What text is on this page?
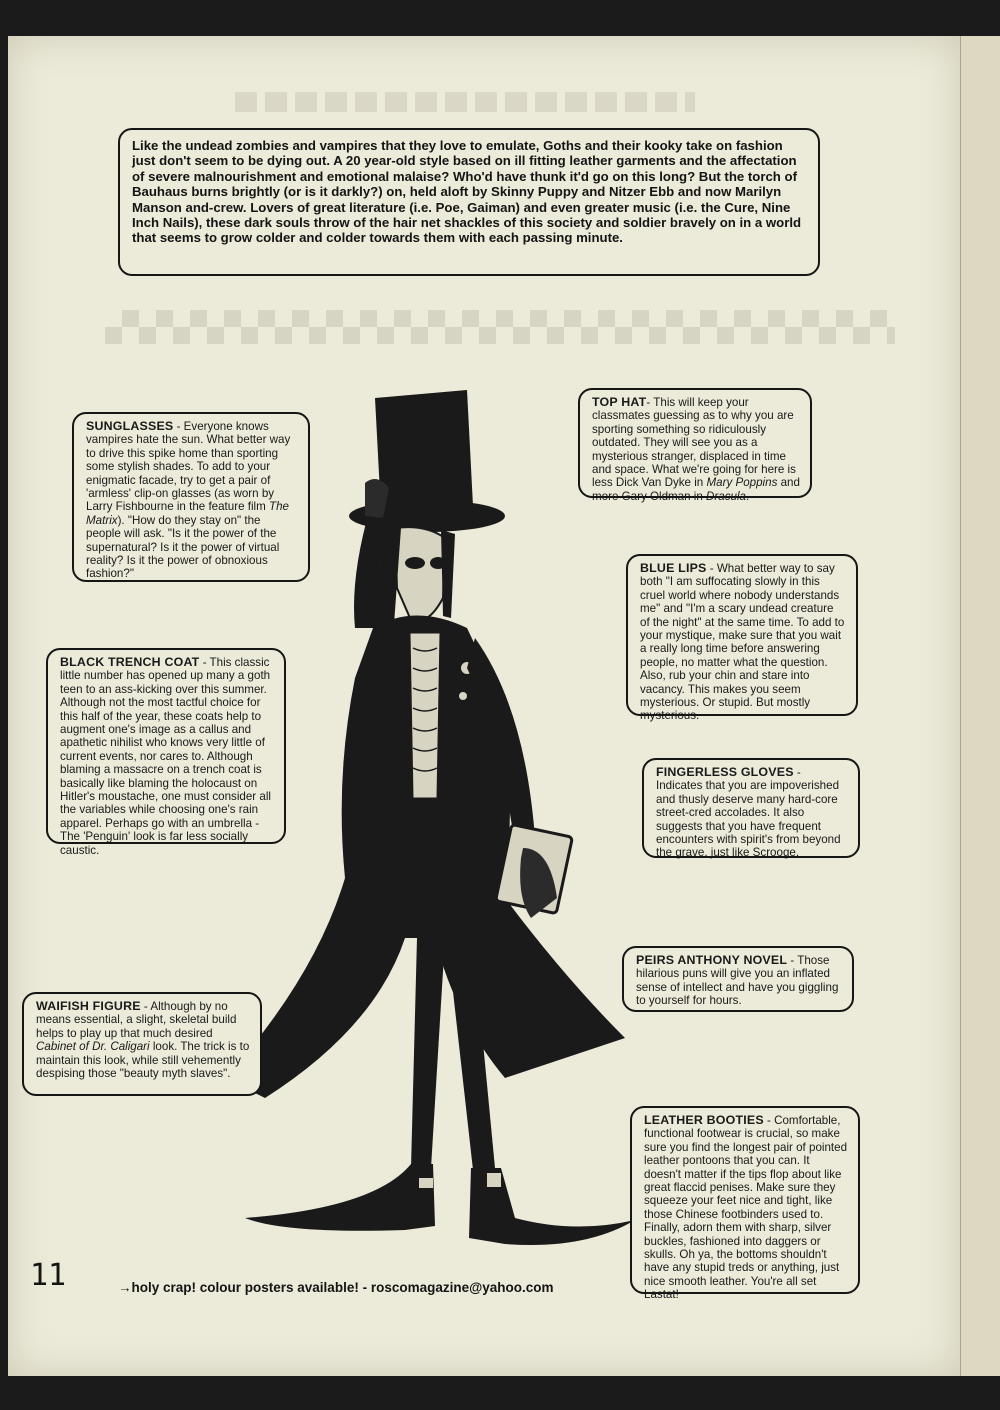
Like the undead zombies and vampires that they love to emulate, Goths and their kooky take on fashion just don't seem to be dying out. A 20 year-old style based on ill fitting leather garments and the affectation of severe malnourishment and emotional malaise? Who'd have thunk it'd go on this long? But the torch of Bauhaus burns brightly (or is it darkly?) on, held aloft by Skinny Puppy and Nitzer Ebb and now Marilyn Manson and-crew. Lovers of great literature (i.e. Poe, Gaiman) and even greater music (i.e. the Cure, Nine Inch Nails), these dark souls throw of the hair net shackles of this society and soldier bravely on in a world that seems to grow colder and colder towards them with each passing minute.
SUNGLASSES - Everyone knows vampires hate the sun. What better way to drive this spike home than sporting some stylish shades. To add to your enigmatic facade, try to get a pair of 'armless' clip-on glasses (as worn by Larry Fishbourne in the feature film The Matrix). "How do they stay on" the people will ask. "Is it the power of the supernatural? Is it the power of virtual reality? Is it the power of obnoxious fashion?"
TOP HAT- This will keep your classmates guessing as to why you are sporting something so ridiculously outdated. They will see you as a mysterious stranger, displaced in time and space. What we're going for here is less Dick Van Dyke in Mary Poppins and more Gary Oldman in Dracula.
BLUE LIPS - What better way to say both "I am suffocating slowly in this cruel world where nobody understands me" and "I'm a scary undead creature of the night" at the same time. To add to your mystique, make sure that you wait a really long time before answering people, no matter what the question. Also, rub your chin and stare into vacancy. This makes you seem mysterious. Or stupid. But mostly mysterious.
BLACK TRENCH COAT - This classic little number has opened up many a goth teen to an ass-kicking over this summer. Although not the most tactful choice for this half of the year, these coats help to augment one's image as a callus and apathetic nihilist who knows very little of current events, nor cares to. Although blaming a massacre on a trench coat is basically like blaming the holocaust on Hitler's moustache, one must consider all the variables while choosing one's rain apparel. Perhaps go with an umbrella - The 'Penguin' look is far less socially caustic.
FINGERLESS GLOVES - Indicates that you are impoverished and thusly deserve many hard-core street-cred accolades. It also suggests that you have frequent encounters with spirit's from beyond the grave, just like Scrooge.
PEIRS ANTHONY NOVEL - Those hilarious puns will give you an inflated sense of intellect and have you giggling to yourself for hours.
WAIFISH FIGURE - Although by no means essential, a slight, skeletal build helps to play up that much desired Cabinet of Dr. Caligari look. The trick is to maintain this look, while still vehemently despising those "beauty myth slaves".
LEATHER BOOTIES - Comfortable, functional footwear is crucial, so make sure you find the longest pair of pointed leather pontoons that you can. It doesn't matter if the tips flop about like great flaccid penises. Make sure they squeeze your feet nice and tight, like those Chinese footbinders used to. Finally, adorn them with sharp, silver buckles, fashioned into daggers or skulls. Oh ya, the bottoms shouldn't have any stupid treds or anything, just nice smooth leather. You're all set Lastat!
11	→holy crap! colour posters available! - roscomagazine@yahoo.com
